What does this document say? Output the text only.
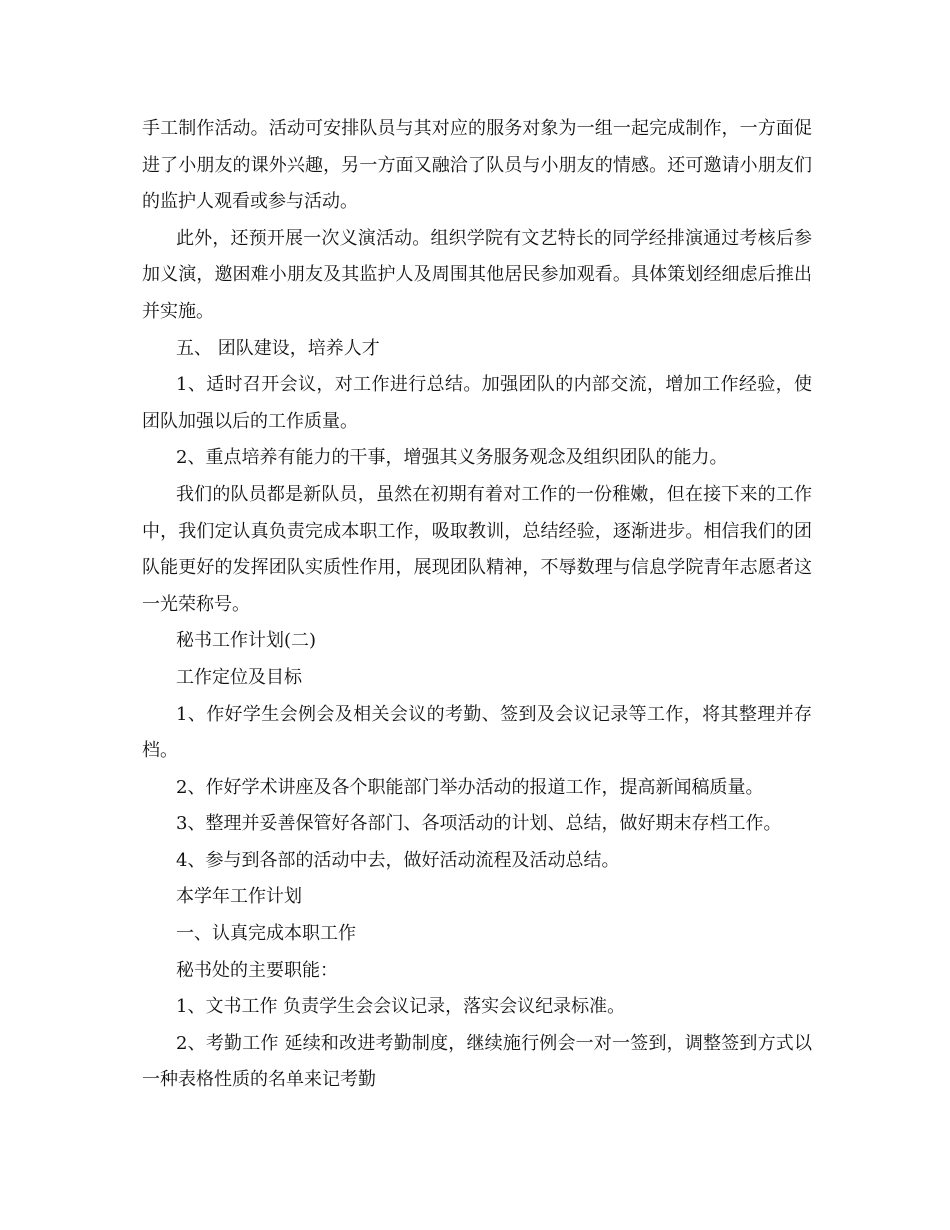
手工制作活动。活动可安排队员与其对应的服务对象为一组一起完成制作，一方面促进了小朋友的课外兴趣，另一方面又融洽了队员与小朋友的情感。还可邀请小朋友们的监护人观看或参与活动。

此外，还预开展一次义演活动。组织学院有文艺特长的同学经排演通过考核后参加义演，邀困难小朋友及其监护人及周围其他居民参加观看。具体策划经细虑后推出并实施。

五、 团队建设，培养人才

1、适时召开会议，对工作进行总结。加强团队的内部交流，增加工作经验，使团队加强以后的工作质量。

2、重点培养有能力的干事，增强其义务服务观念及组织团队的能力。

我们的队员都是新队员，虽然在初期有着对工作的一份稚嫩，但在接下来的工作中，我们定认真负责完成本职工作，吸取教训，总结经验，逐渐进步。相信我们的团队能更好的发挥团队实质性作用，展现团队精神，不辱数理与信息学院青年志愿者这一光荣称号。

秘书工作计划(二)

工作定位及目标

1、作好学生会例会及相关会议的考勤、签到及会议记录等工作，将其整理并存档。

2、作好学术讲座及各个职能部门举办活动的报道工作，提高新闻稿质量。

3、整理并妥善保管好各部门、各项活动的计划、总结，做好期末存档工作。

4、参与到各部的活动中去，做好活动流程及活动总结。

本学年工作计划

一、认真完成本职工作

秘书处的主要职能：

1、文书工作 负责学生会会议记录，落实会议纪录标准。

2、考勤工作 延续和改进考勤制度，继续施行例会一对一签到，调整签到方式以一种表格性质的名单来记考勤
